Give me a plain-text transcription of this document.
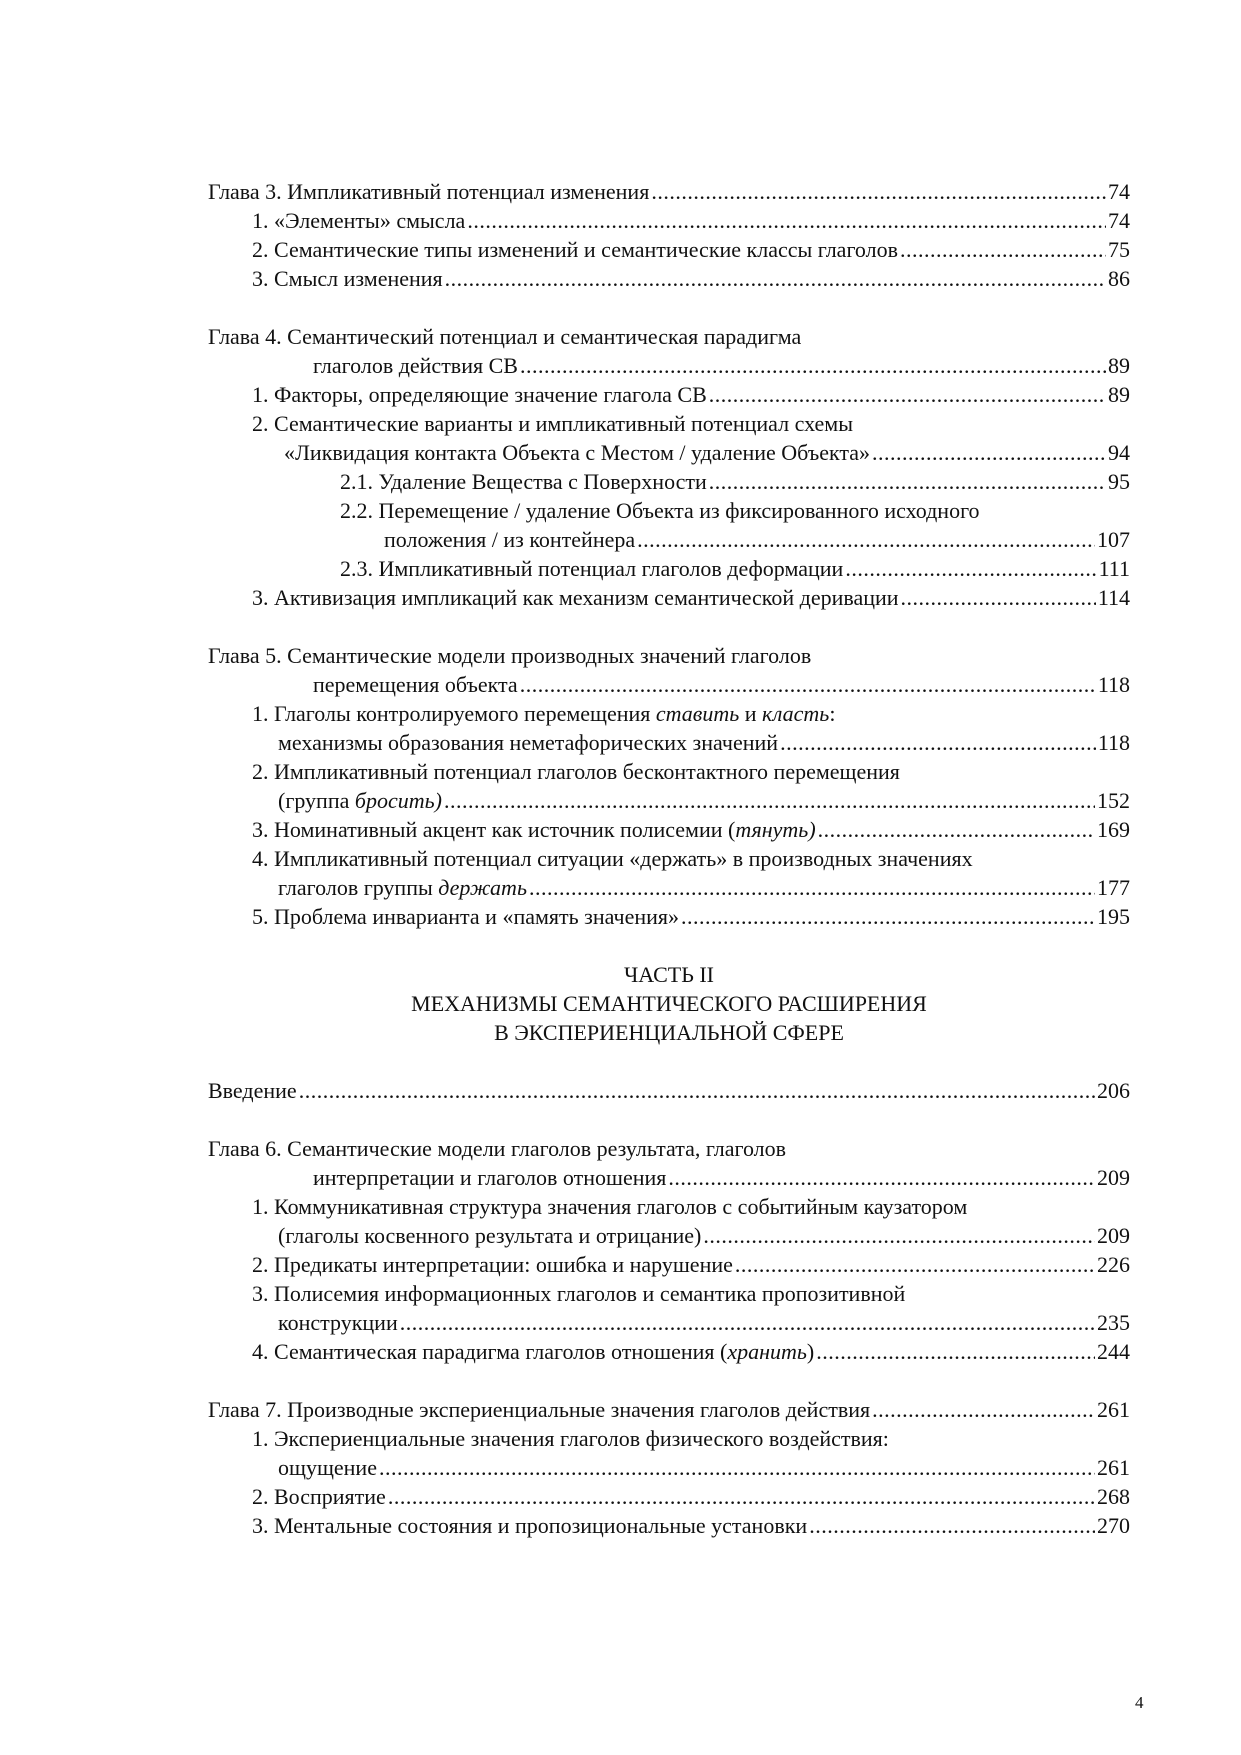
Глава 3. Импликативный потенциал изменения .....	74
1. «Элементы» смысла .....	74
2. Семантические типы изменений и семантические классы глаголов .....	75
3. Смысл изменения .....	86
Глава 4. Семантический потенциал и семантическая парадигма
глаголов действия СВ .....	89
1. Факторы, определяющие значение глагола СВ .....	89
2. Семантические варианты и импликативный потенциал схемы
«Ликвидация контакта Объекта с Местом / удаление Объекта» .....	94
2.1. Удаление Вещества с Поверхности .....	95
2.2. Перемещение / удаление Объекта из фиксированного исходного
положения / из контейнера .....	107
2.3. Импликативный потенциал глаголов деформации .....	111
3. Активизация импликаций как механизм семантической деривации .....	114
Глава 5. Семантические модели производных значений глаголов
перемещения объекта .....	118
1. Глаголы контролируемого перемещения ставить и класть:
механизмы образования неметафорических значений .....	118
2. Импликативный потенциал глаголов бесконтактного перемещения
(группа бросить) .....	152
3. Номинативный акцент как источник полисемии (тянуть) .....	169
4. Импликативный потенциал ситуации «держать» в производных значениях
глаголов группы держать .....	177
5. Проблема инварианта и «память значения» .....	195
ЧАСТЬ II
МЕХАНИЗМЫ СЕМАНТИЧЕСКОГО РАСШИРЕНИЯ
В ЭКСПЕРИЕНЦИАЛЬНОЙ СФЕРЕ
Введение .....	206
Глава 6. Семантические модели глаголов результата, глаголов
интерпретации и глаголов отношения .....	209
1. Коммуникативная структура значения глаголов с событийным каузатором
(глаголы косвенного результата и отрицание) .....	209
2. Предикаты интерпретации: ошибка и нарушение .....	226
3. Полисемия информационных глаголов и семантика пропозитивной
конструкции .....	235
4. Семантическая парадигма глаголов отношения (хранить) .....	244
Глава 7. Производные экспериенциальные значения глаголов действия .....	261
1. Экспериенциальные значения глаголов физического воздействия:
ощущение .....	261
2. Восприятие .....	268
3. Ментальные состояния и пропозициональные установки .....	270
4
